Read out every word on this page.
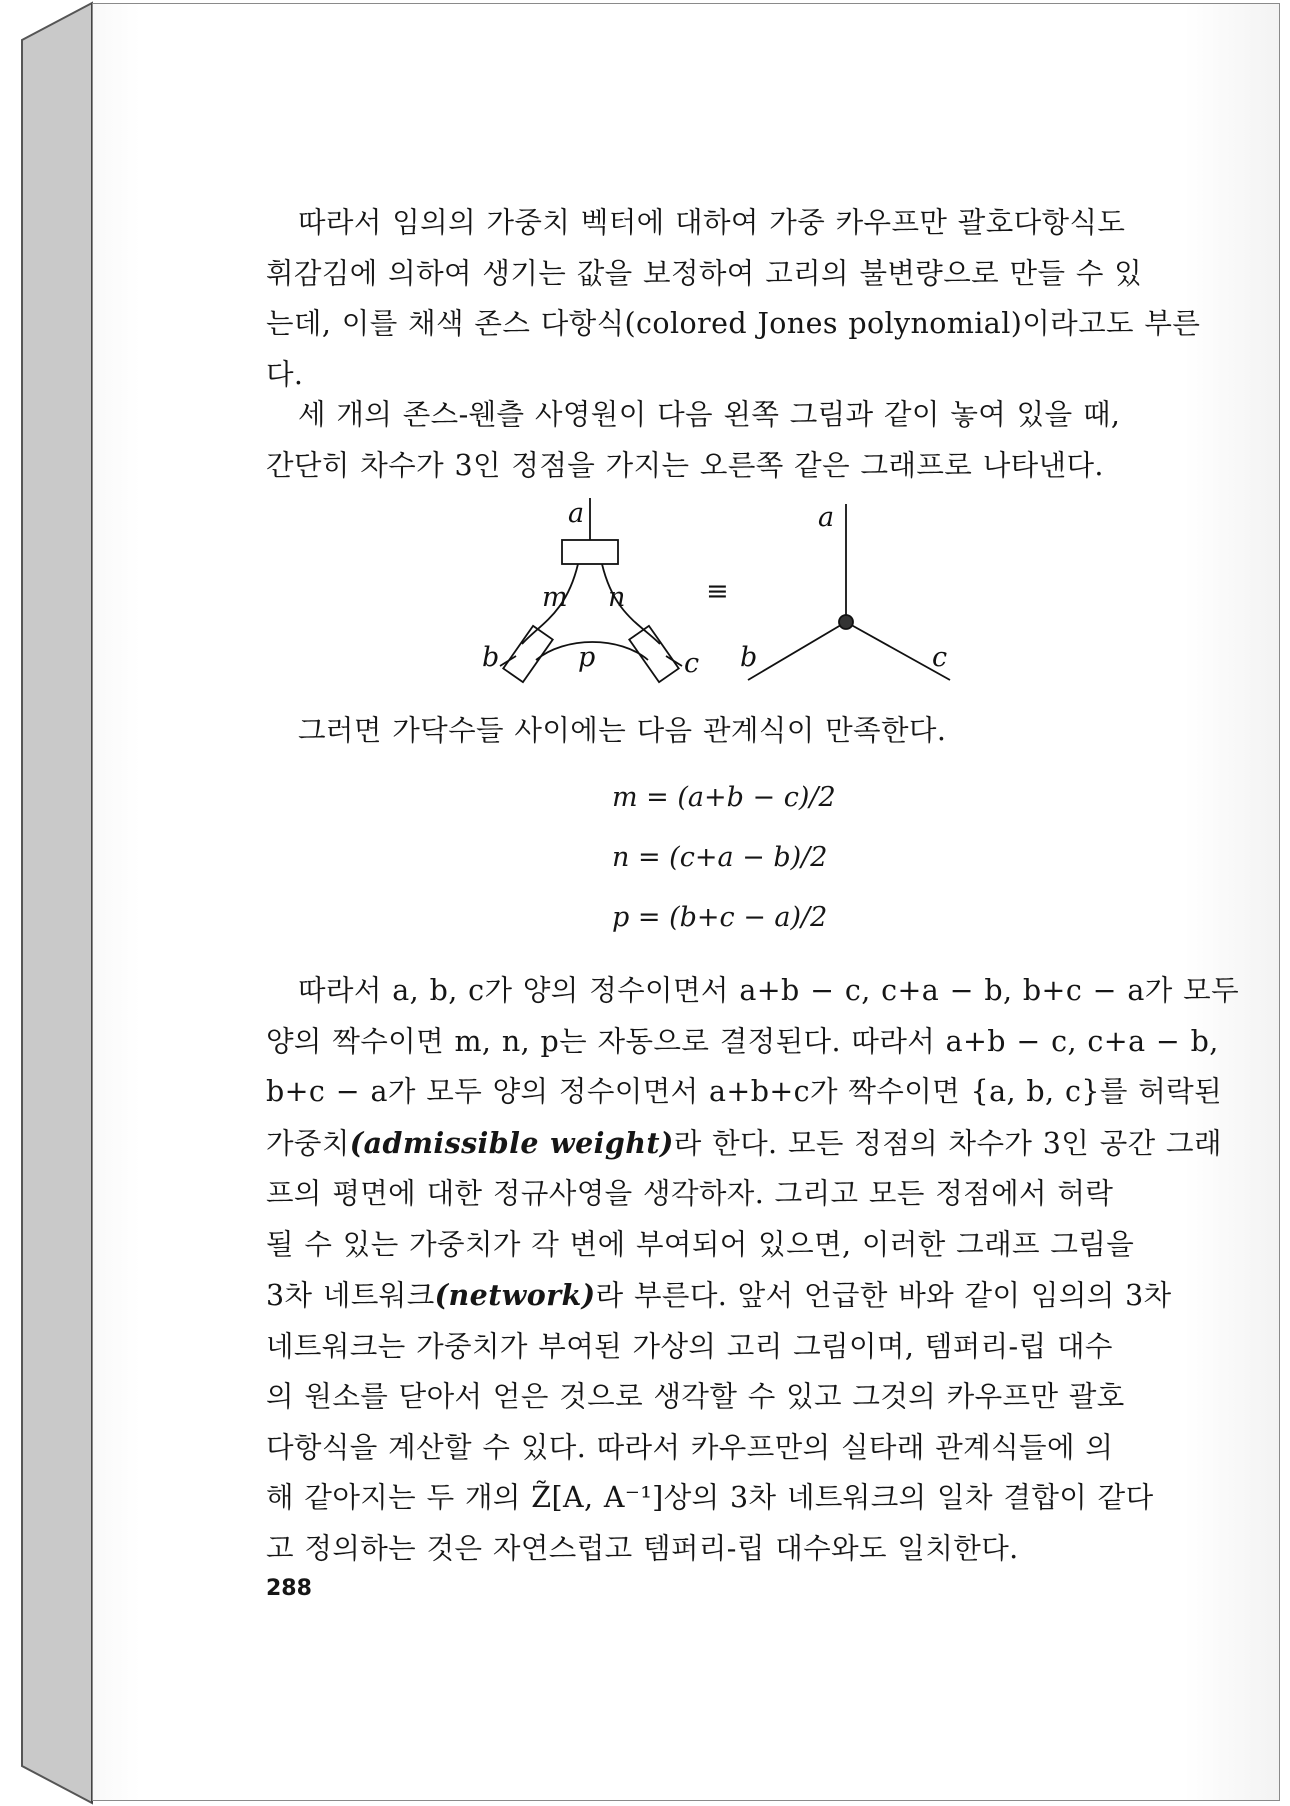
따라서 임의의 가중치 벡터에 대하여 가중 카우프만 괄호다항식도
휘감김에 의하여 생기는 값을 보정하여 고리의 불변량으로 만들 수 있
는데, 이를 채색 존스 다항식(colored Jones polynomial)이라고도 부른
다.
세 개의 존스-웬츨 사영원이 다음 왼쪽 그림과 같이 놓여 있을 때,
간단히 차수가 3인 정점을 가지는 오른쪽 같은 그래프로 나타낸다.
a
m n
p
b	c
≡
a
b	c
그러면 가닥수들 사이에는 다음 관계식이 만족한다.
m = (a+b − c)/2
n = (c+a − b)/2
p = (b+c − a)/2
따라서 a, b, c가 양의 정수이면서 a+b − c, c+a − b, b+c − a가 모두
양의 짝수이면 m, n, p는 자동으로 결정된다. 따라서 a+b − c, c+a − b,
b+c − a가 모두 양의 정수이면서 a+b+c가 짝수이면 {a, b, c}를 허락된
가중치(admissible weight)라 한다. 모든 정점의 차수가 3인 공간 그래
프의 평면에 대한 정규사영을 생각하자. 그리고 모든 정점에서 허락
될 수 있는 가중치가 각 변에 부여되어 있으면, 이러한 그래프 그림을
3차 네트워크(network)라 부른다. 앞서 언급한 바와 같이 임의의 3차
네트워크는 가중치가 부여된 가상의 고리 그림이며, 템퍼리-립 대수
의 원소를 닫아서 얻은 것으로 생각할 수 있고 그것의 카우프만 괄호
다항식을 계산할 수 있다. 따라서 카우프만의 실타래 관계식들에 의
해 같아지는 두 개의 Z̃[A, A⁻¹]상의 3차 네트워크의 일차 결합이 같다
고 정의하는 것은 자연스럽고 템퍼리-립 대수와도 일치한다.
288
